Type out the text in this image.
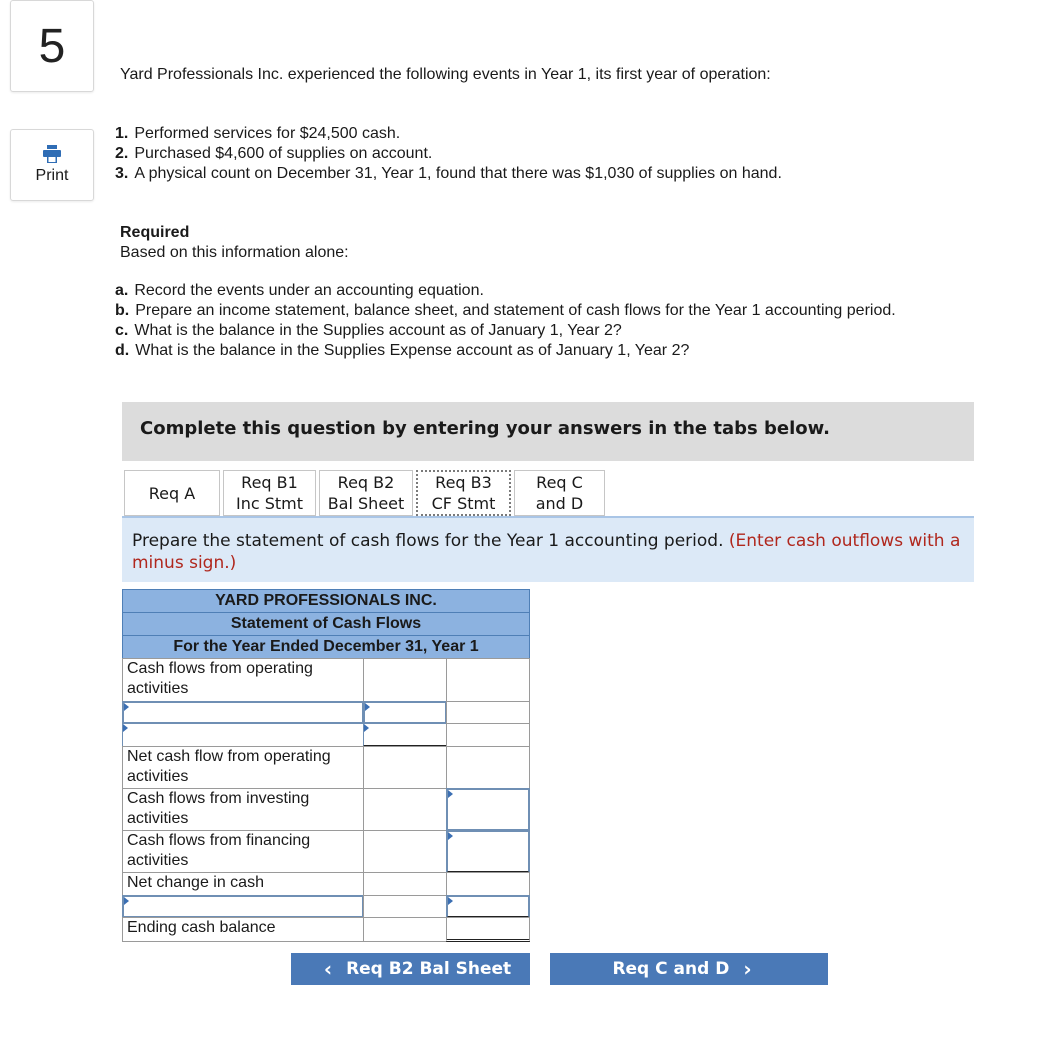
5
Print
Yard Professionals Inc. experienced the following events in Year 1, its first year of operation:
1. Performed services for $24,500 cash.
2. Purchased $4,600 of supplies on account.
3. A physical count on December 31, Year 1, found that there was $1,030 of supplies on hand.
Required
Based on this information alone:
a. Record the events under an accounting equation.
b. Prepare an income statement, balance sheet, and statement of cash flows for the Year 1 accounting period.
c. What is the balance in the Supplies account as of January 1, Year 2?
d. What is the balance in the Supplies Expense account as of January 1, Year 2?
Complete this question by entering your answers in the tabs below.
Req A
Req B1
Inc Stmt
Req B2
Bal Sheet
Req B3
CF Stmt
Req C
and D
Prepare the statement of cash flows for the Year 1 accounting period. (Enter cash outflows with a minus sign.)
YARD PROFESSIONALS INC.
Statement of Cash Flows
For the Year Ended December 31, Year 1
Cash flows from operating activities
Net cash flow from operating activities
Cash flows from investing activities
Cash flows from financing activities
Net change in cash
Ending cash balance
‹ Req B2 Bal Sheet	Req C and D ›
